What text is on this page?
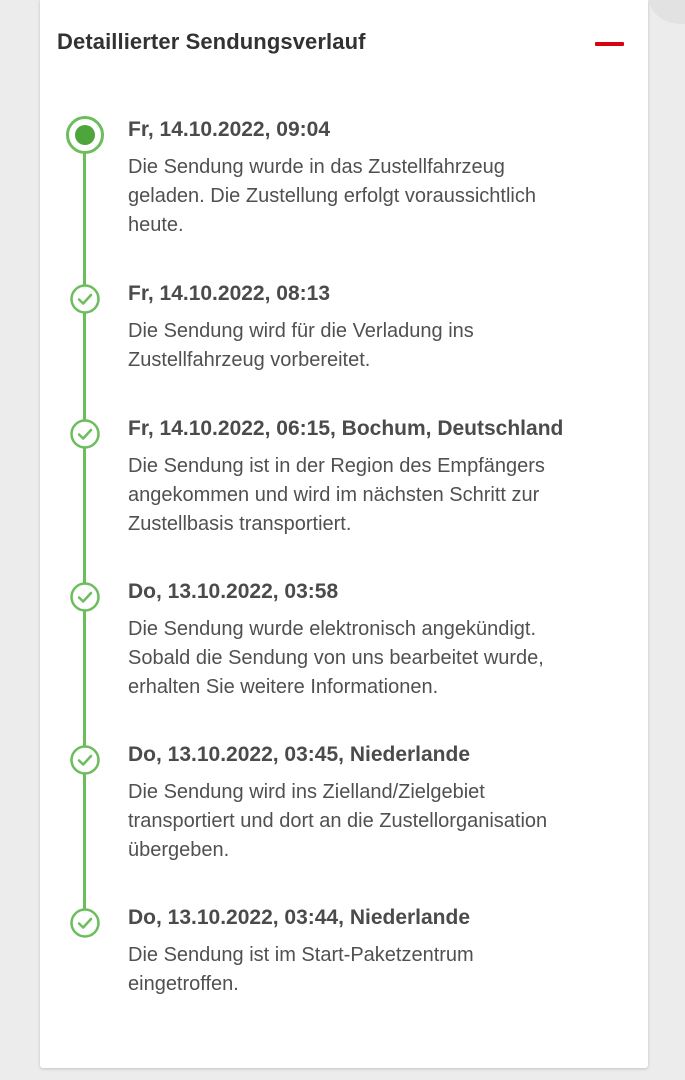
Detaillierter Sendungsverlauf
Fr, 14.10.2022, 09:04
Die Sendung wurde in das Zustellfahrzeug
geladen. Die Zustellung erfolgt voraussichtlich
heute.
Fr, 14.10.2022, 08:13
Die Sendung wird für die Verladung ins
Zustellfahrzeug vorbereitet.
Fr, 14.10.2022, 06:15, Bochum, Deutschland
Die Sendung ist in der Region des Empfängers
angekommen und wird im nächsten Schritt zur
Zustellbasis transportiert.
Do, 13.10.2022, 03:58
Die Sendung wurde elektronisch angekündigt.
Sobald die Sendung von uns bearbeitet wurde,
erhalten Sie weitere Informationen.
Do, 13.10.2022, 03:45, Niederlande
Die Sendung wird ins Zielland/Zielgebiet
transportiert und dort an die Zustellorganisation
übergeben.
Do, 13.10.2022, 03:44, Niederlande
Die Sendung ist im Start-Paketzentrum
eingetroffen.
